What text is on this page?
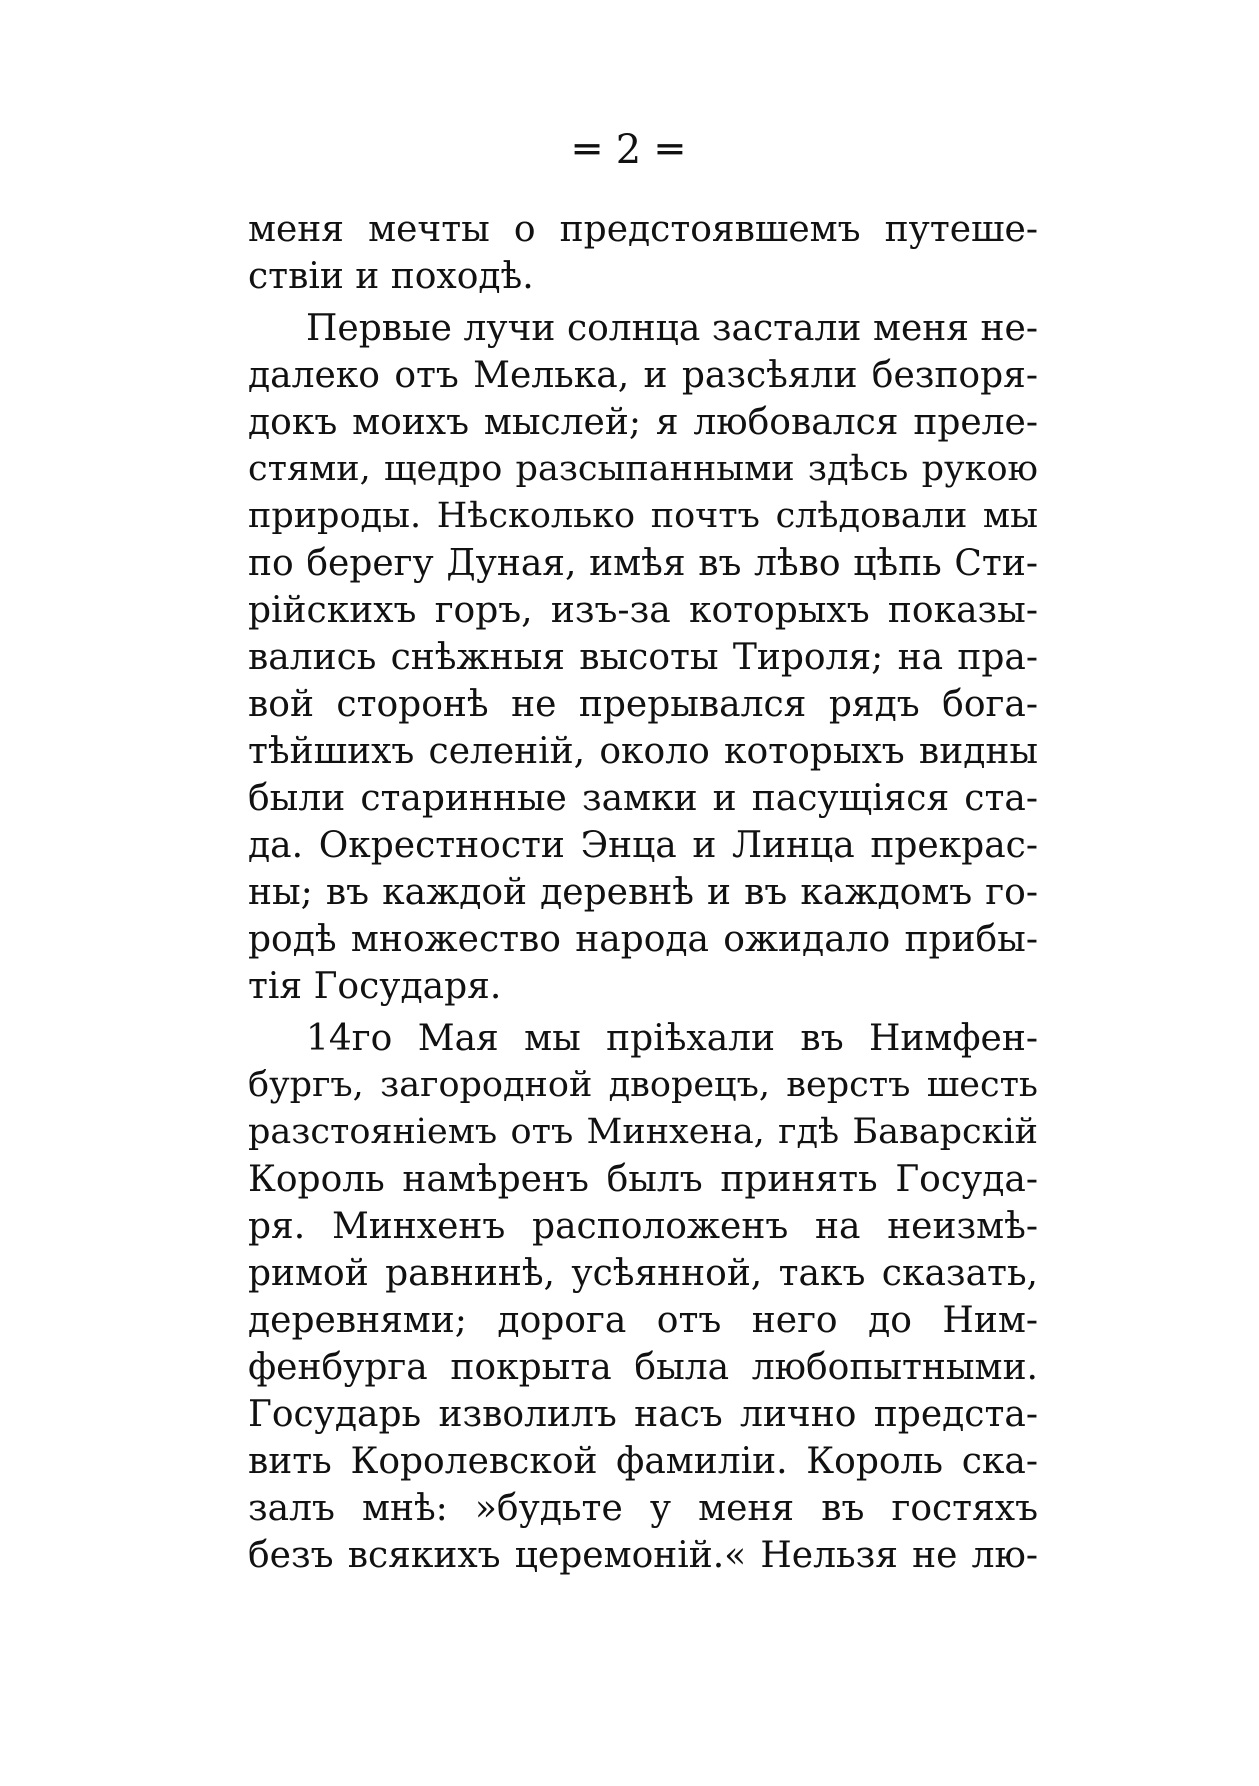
═ 2 ═
меня мечты о предстоявшемъ путеше-
ствiи и походѣ.
Первые лучи солнца застали меня не-
далеко отъ Мелька, и разсѣяли безпоря-
докъ моихъ мыслей; я любовался преле-
стями, щедро разсыпанными здѣсь рукою
природы. Нѣсколько почтъ слѣдовали мы
по берегу Дуная, имѣя въ лѣво цѣпь Сти-
рiйскихъ горъ, изъ-за которыхъ показы-
вались снѣжныя высоты Тироля; на пра-
вой сторонѣ не прерывался рядъ бога-
тѣйшихъ селенiй, около которыхъ видны
были старинные замки и пасущiяся ста-
да. Окрестности Энца и Линца прекрас-
ны; въ каждой деревнѣ и въ каждомъ го-
родѣ множество народа ожидало прибы-
тiя Государя.
14го Мая мы прiѣхали въ Нимфен-
бургъ, загородной дворецъ, верстъ шесть
разстоянiемъ отъ Минхена, гдѣ Баварскiй
Король намѣренъ былъ принять Госуда-
ря. Минхенъ расположенъ на неизмѣ-
римой равнинѣ, усѣянной, такъ сказать,
деревнями; дорога отъ него до Ним-
фенбурга покрыта была любопытными.
Государь изволилъ насъ лично предста-
вить Королевской фамилiи. Король ска-
залъ мнѣ: »будьте у меня въ гостяхъ
безъ всякихъ церемонiй.« Нельзя не лю-
